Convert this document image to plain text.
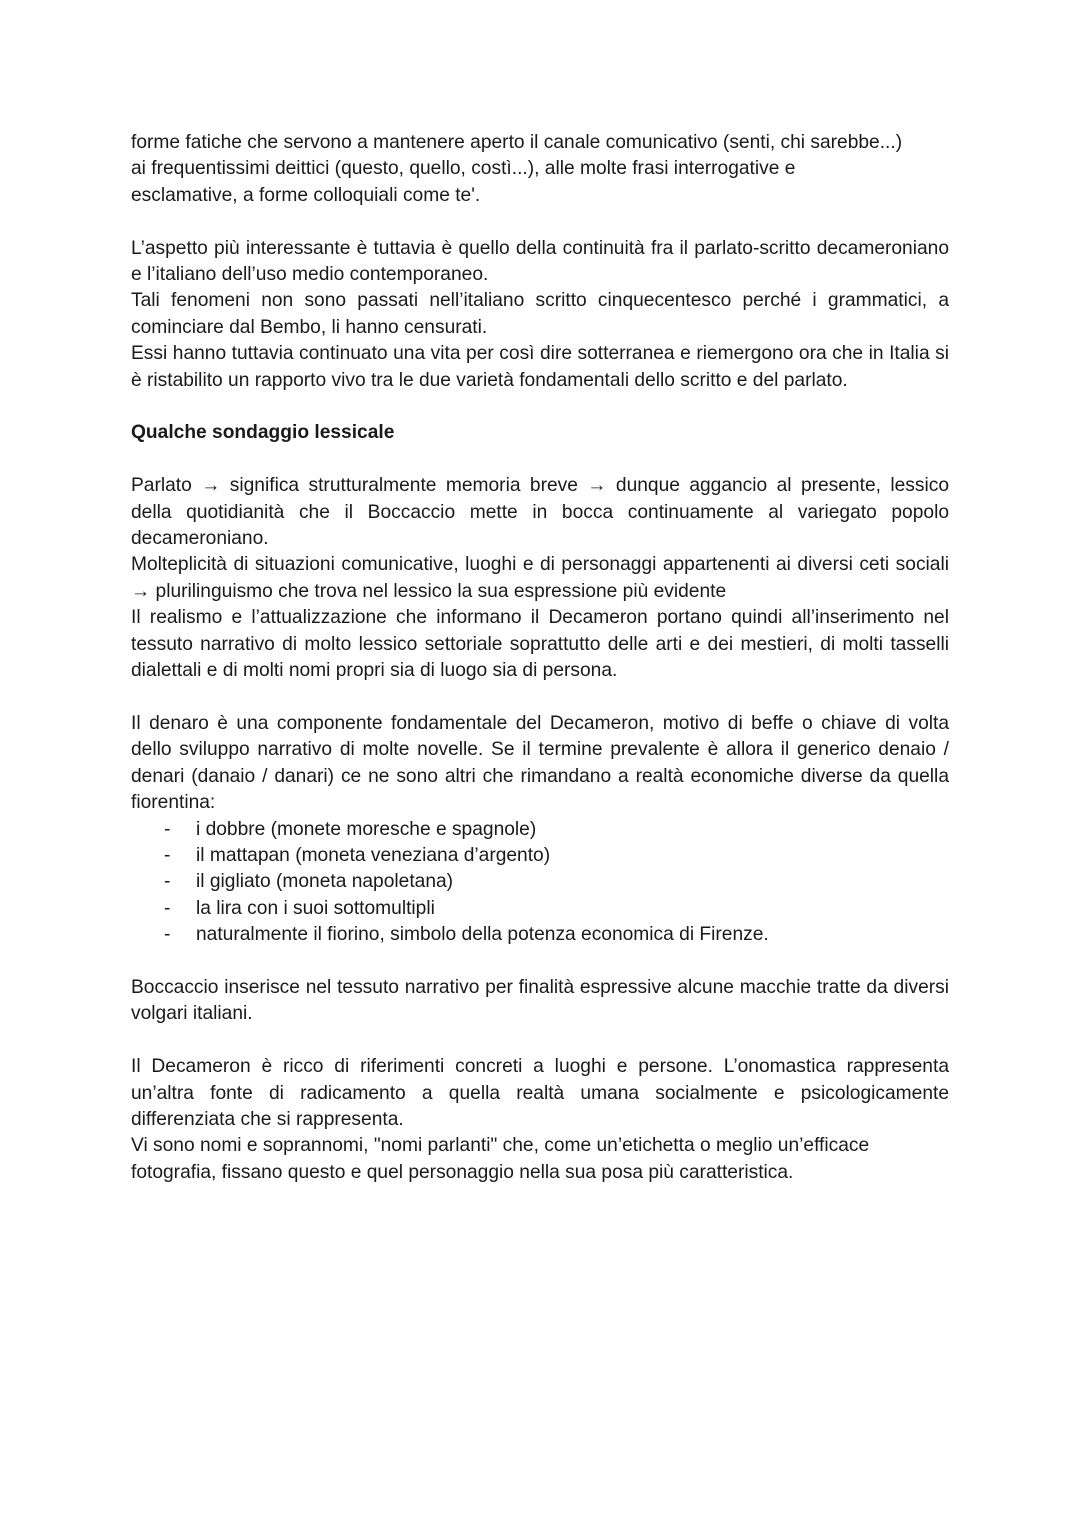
forme fatiche che servono a mantenere aperto il canale comunicativo (senti, chi sarebbe...)
ai frequentissimi deittici (questo, quello, costì...), alle molte frasi interrogative e
esclamative, a forme colloquiali come te'.

L’aspetto più interessante è tuttavia è quello della continuità fra il parlato-scritto decameroniano e l’italiano dell’uso medio contemporaneo.

Tali fenomeni non sono passati nell’italiano scritto cinquecentesco perché i grammatici, a cominciare dal Bembo, li hanno censurati.

Essi hanno tuttavia continuato una vita per così dire sotterranea e riemergono ora che in Italia si è ristabilito un rapporto vivo tra le due varietà fondamentali dello scritto e del parlato.

Qualche sondaggio lessicale

Parlato → significa strutturalmente memoria breve → dunque aggancio al presente, lessico della quotidianità che il Boccaccio mette in bocca continuamente al variegato popolo decameroniano.

Molteplicità di situazioni comunicative, luoghi e di personaggi appartenenti ai diversi ceti sociali → plurilinguismo che trova nel lessico la sua espressione più evidente

Il realismo e l’attualizzazione che informano il Decameron portano quindi all’inserimento nel tessuto narrativo di molto lessico settoriale soprattutto delle arti e dei mestieri, di molti tasselli dialettali e di molti nomi propri sia di luogo sia di persona.

Il denaro è una componente fondamentale del Decameron, motivo di beffe o chiave di volta dello sviluppo narrativo di molte novelle. Se il termine prevalente è allora il generico denaio / denari (danaio / danari) ce ne sono altri che rimandano a realtà economiche diverse da quella fiorentina:

- i dobbre (monete moresche e spagnole)
- il mattapan (moneta veneziana d’argento)
- il gigliato (moneta napoletana)
- la lira con i suoi sottomultipli
- naturalmente il fiorino, simbolo della potenza economica di Firenze.

Boccaccio inserisce nel tessuto narrativo per finalità espressive alcune macchie tratte da diversi volgari italiani.

Il Decameron è ricco di riferimenti concreti a luoghi e persone. L’onomastica rappresenta un’altra fonte di radicamento a quella realtà umana socialmente e psicologicamente differenziata che si rappresenta.

Vi sono nomi e soprannomi, "nomi parlanti" che, come un’etichetta o meglio un’efficace
fotografia, fissano questo e quel personaggio nella sua posa più caratteristica.
